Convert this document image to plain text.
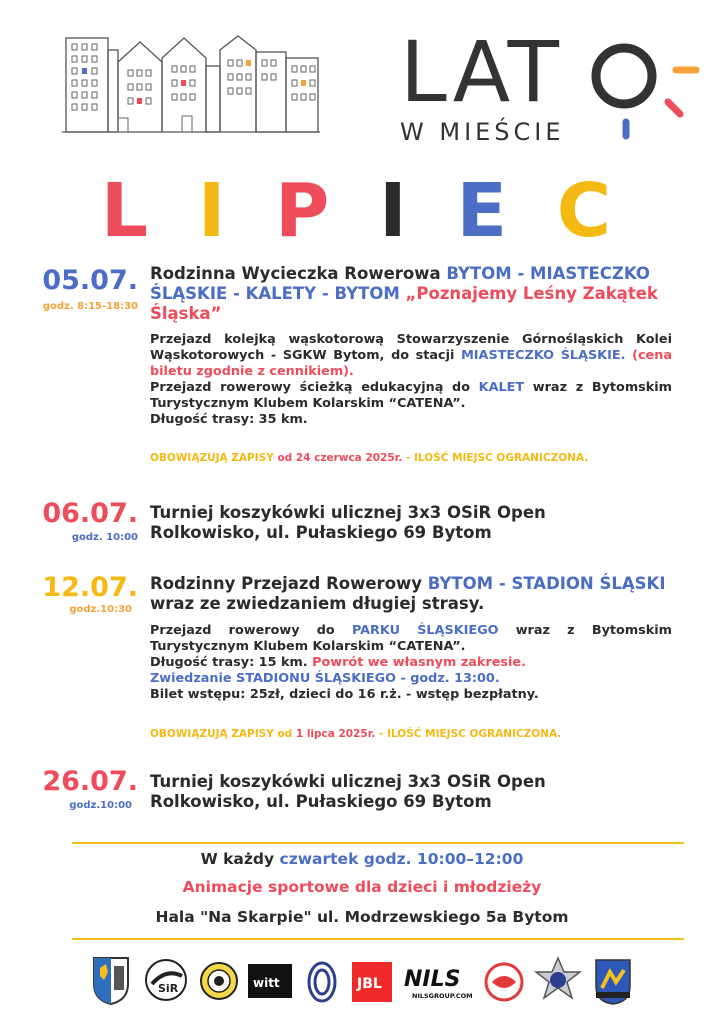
LAT
W MIEŚCIE
L I P I E C
05.07.
godz. 8:15-18:30
Rodzinna Wycieczka Rowerowa BYTOM - MIASTECZKO ŚLĄSKIE - KALETY - BYTOM „Poznajemy Leśny Zakątek Śląska”
Przejazd kolejką wąskotorową Stowarzyszenie Górnośląskich Kolei Wąskotorowych - SGKW Bytom, do stacji MIASTECZKO ŚLĄSKIE. (cena biletu zgodnie z cennikiem).
Przejazd rowerowy ścieżką edukacyjną do KALET wraz z Bytomskim Turystycznym Klubem Kolarskim “CATENA”.
Długość trasy: 35 km.
OBOWIĄZUJĄ ZAPISY od 24 czerwca 2025r. - ILOŚĆ MIEJSC OGRANICZONA.
06.07.
godz. 10:00
Turniej koszykówki ulicznej 3x3 OSiR Open
Rolkowisko, ul. Pułaskiego 69 Bytom
12.07.
godz.10:30
Rodzinny Przejazd Rowerowy BYTOM - STADION ŚLĄSKI wraz ze zwiedzaniem długiej strasy.
Przejazd rowerowy do PARKU ŚLĄSKIEGO wraz z Bytomskim Turystycznym Klubem Kolarskim “CATENA”.
Długość trasy: 15 km. Powrót we własnym zakresie.
Zwiedzanie STADIONU ŚLĄSKIEGO - godz. 13:00.
Bilet wstępu: 25zł, dzieci do 16 r.ż. - wstęp bezpłatny.
OBOWIĄZUJĄ ZAPISY od 1 lipca 2025r. - ILOŚĆ MIEJSC OGRANICZONA.
26.07.
godz.10:00
Turniej koszykówki ulicznej 3x3 OSiR Open
Rolkowisko, ul. Pułaskiego 69 Bytom
W każdy czwartek godz. 10:00–12:00
Animacje sportowe dla dzieci i młodzieży
Hala "Na Skarpie" ul. Modrzewskiego 5a Bytom
SiR	witt	JBL NILS
NILSGROUP.COM
